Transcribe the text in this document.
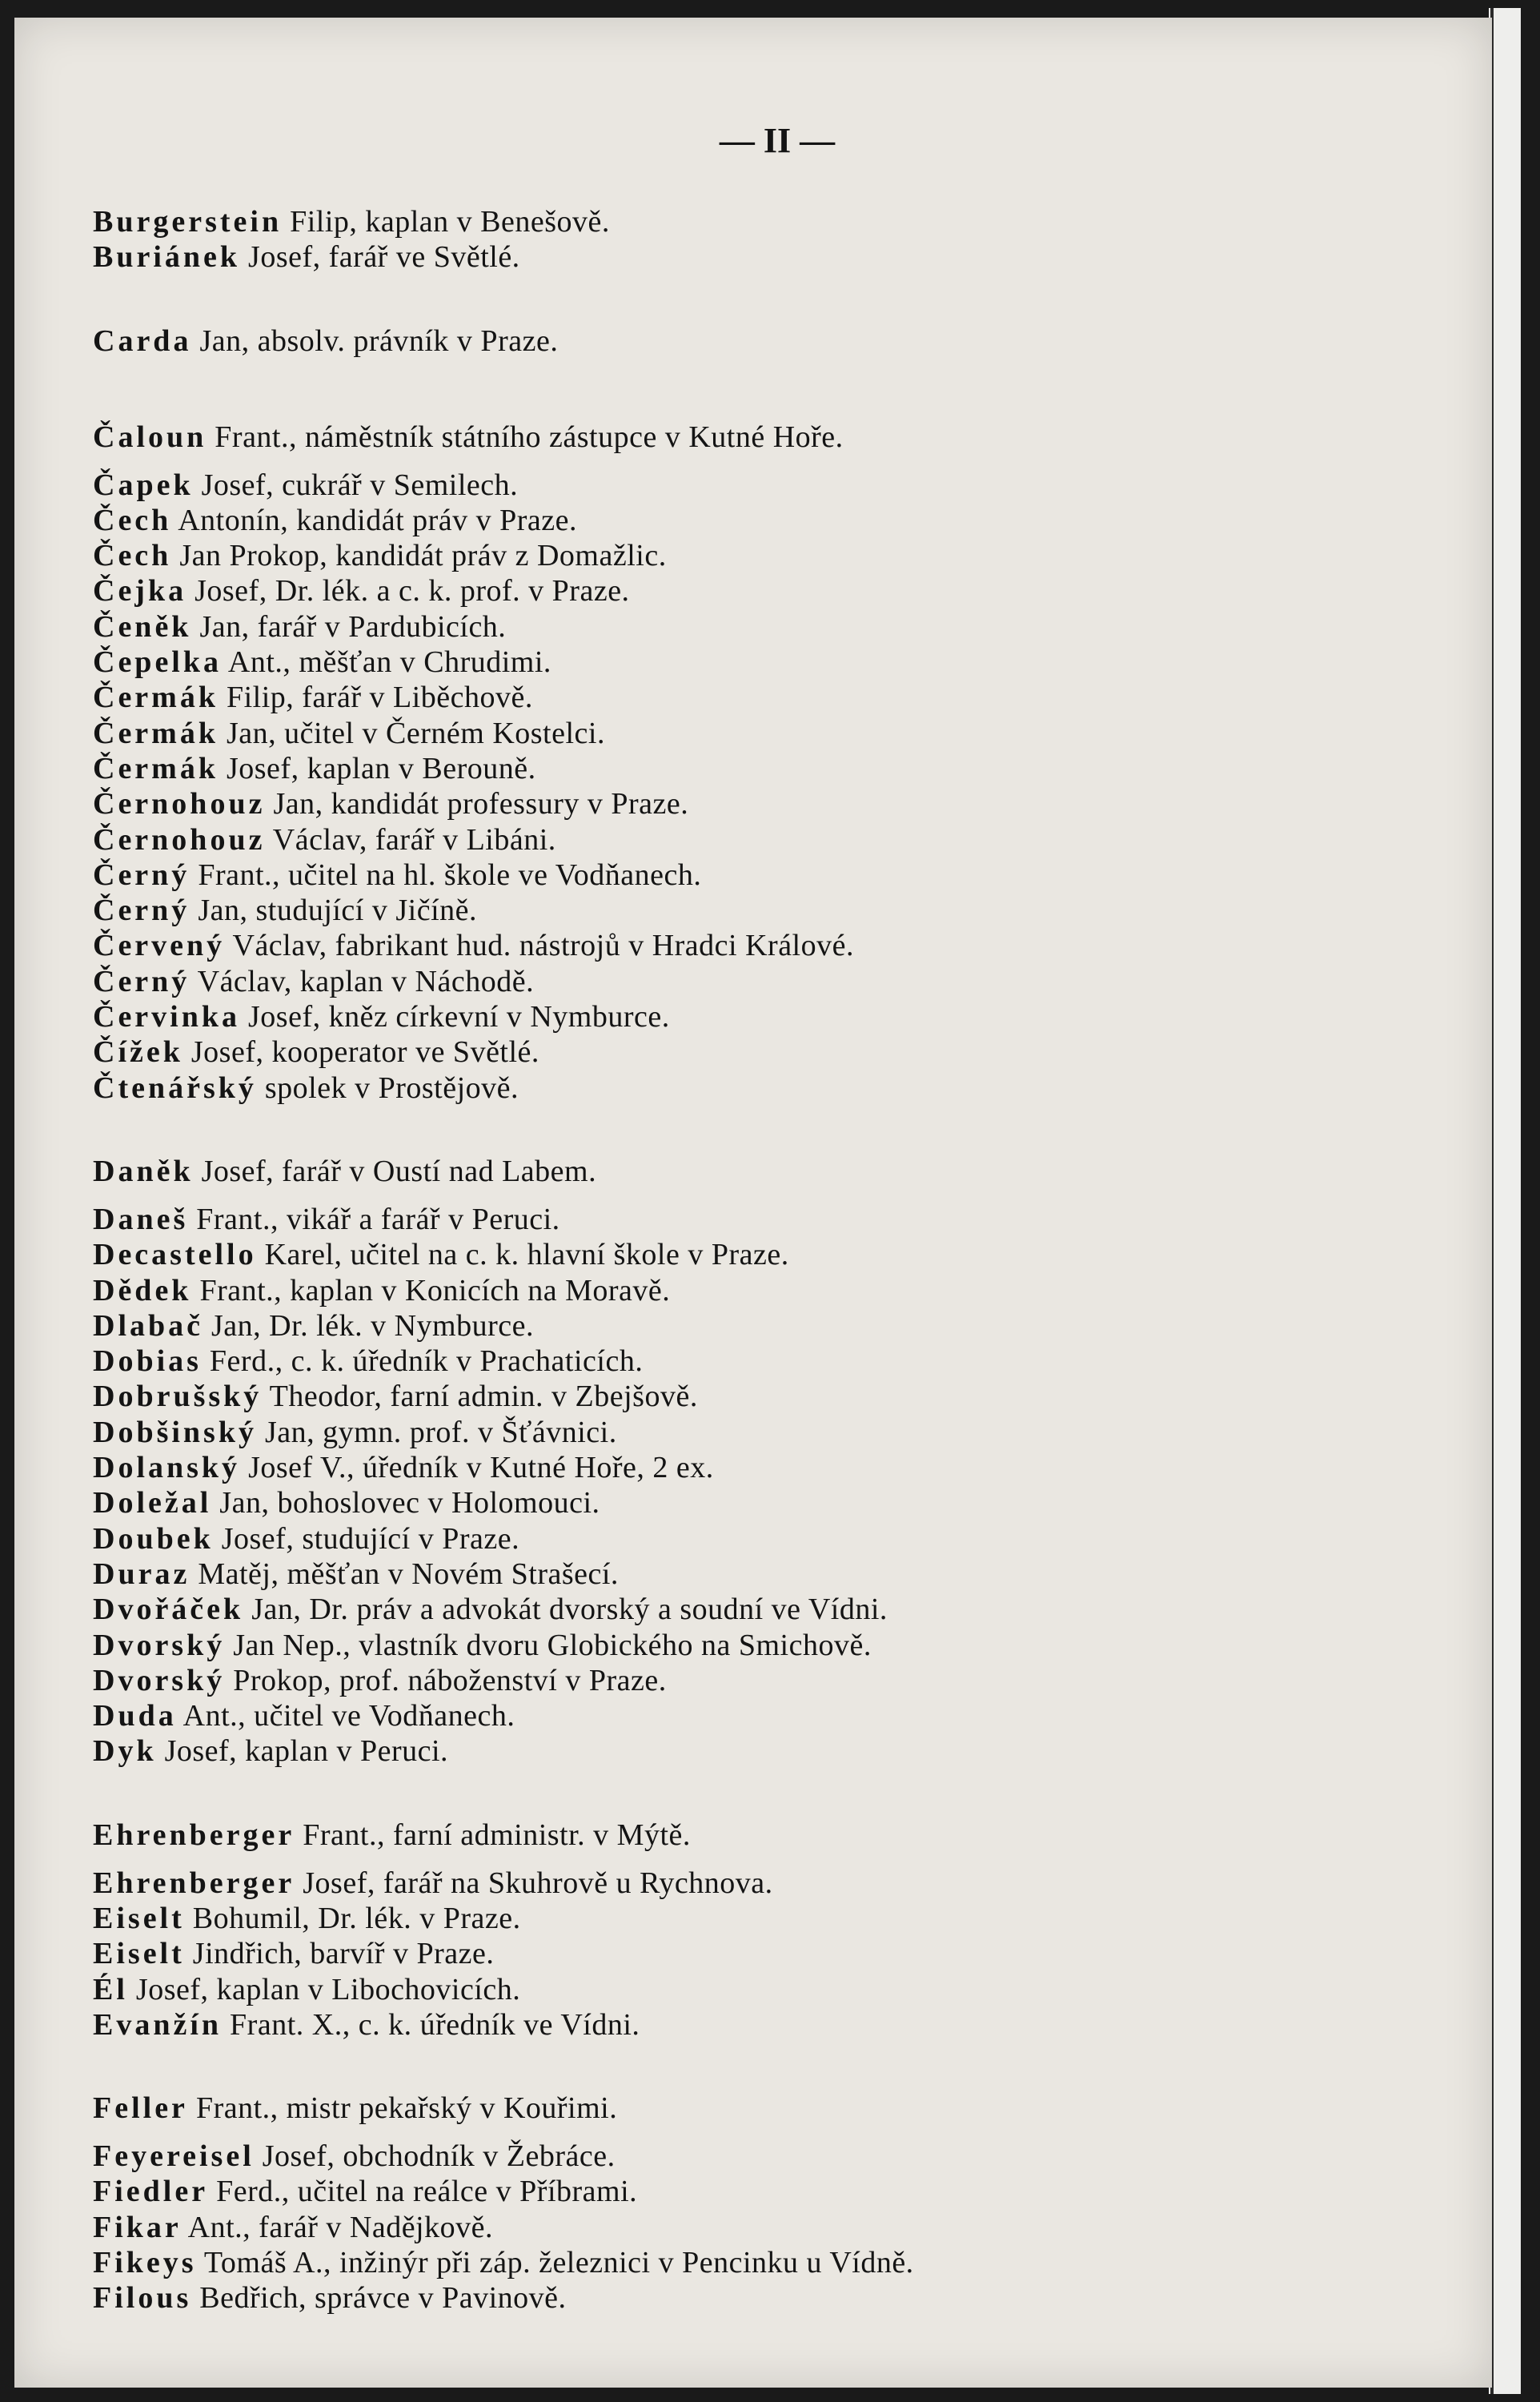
— II —
Burgerstein Filip, kaplan v Benešově.
Buriánek Josef, farář ve Světlé.
Carda Jan, absolv. právník v Praze.
Čaloun Frant., náměstník státního zástupce v Kutné Hoře.
Čapek Josef, cukrář v Semilech.
Čech Antonín, kandidát práv v Praze.
Čech Jan Prokop, kandidát práv z Domažlic.
Čejka Josef, Dr. lék. a c. k. prof. v Praze.
Čeněk Jan, farář v Pardubicích.
Čepelka Ant., měšťan v Chrudimi.
Čermák Filip, farář v Liběchově.
Čermák Jan, učitel v Černém Kostelci.
Čermák Josef, kaplan v Berouně.
Černohouz Jan, kandidát professury v Praze.
Černohouz Václav, farář v Libáni.
Černý Frant., učitel na hl. škole ve Vodňanech.
Černý Jan, studující v Jičíně.
Červený Václav, fabrikant hud. nástrojů v Hradci Králové.
Černý Václav, kaplan v Náchodě.
Červinka Josef, kněz církevní v Nymburce.
Čížek Josef, kooperator ve Světlé.
Čtenářský spolek v Prostějově.
Daněk Josef, farář v Oustí nad Labem.
Daneš Frant., vikář a farář v Peruci.
Decastello Karel, učitel na c. k. hlavní škole v Praze.
Dědek Frant., kaplan v Konicích na Moravě.
Dlabač Jan, Dr. lék. v Nymburce.
Dobias Ferd., c. k. úředník v Prachaticích.
Dobrušský Theodor, farní admin. v Zbejšově.
Dobšinský Jan, gymn. prof. v Šťávnici.
Dolanský Josef V., úředník v Kutné Hoře, 2 ex.
Doležal Jan, bohoslovec v Holomouci.
Doubek Josef, studující v Praze.
Duraz Matěj, měšťan v Novém Strašecí.
Dvořáček Jan, Dr. práv a advokát dvorský a soudní ve Vídni.
Dvorský Jan Nep., vlastník dvoru Globického na Smichově.
Dvorský Prokop, prof. náboženství v Praze.
Duda Ant., učitel ve Vodňanech.
Dyk Josef, kaplan v Peruci.
Ehrenberger Frant., farní administr. v Mýtě.
Ehrenberger Josef, farář na Skuhrově u Rychnova.
Eiselt Bohumil, Dr. lék. v Praze.
Eiselt Jindřich, barvíř v Praze.
Él Josef, kaplan v Libochovicích.
Evanžín Frant. X., c. k. úředník ve Vídni.
Feller Frant., mistr pekařský v Kouřimi.
Feyereisel Josef, obchodník v Žebráce.
Fiedler Ferd., učitel na reálce v Příbrami.
Fikar Ant., farář v Nadějkově.
Fikeys Tomáš A., inžinýr při záp. železnici v Pencinku u Vídně.
Filous Bedřich, správce v Pavinově.
